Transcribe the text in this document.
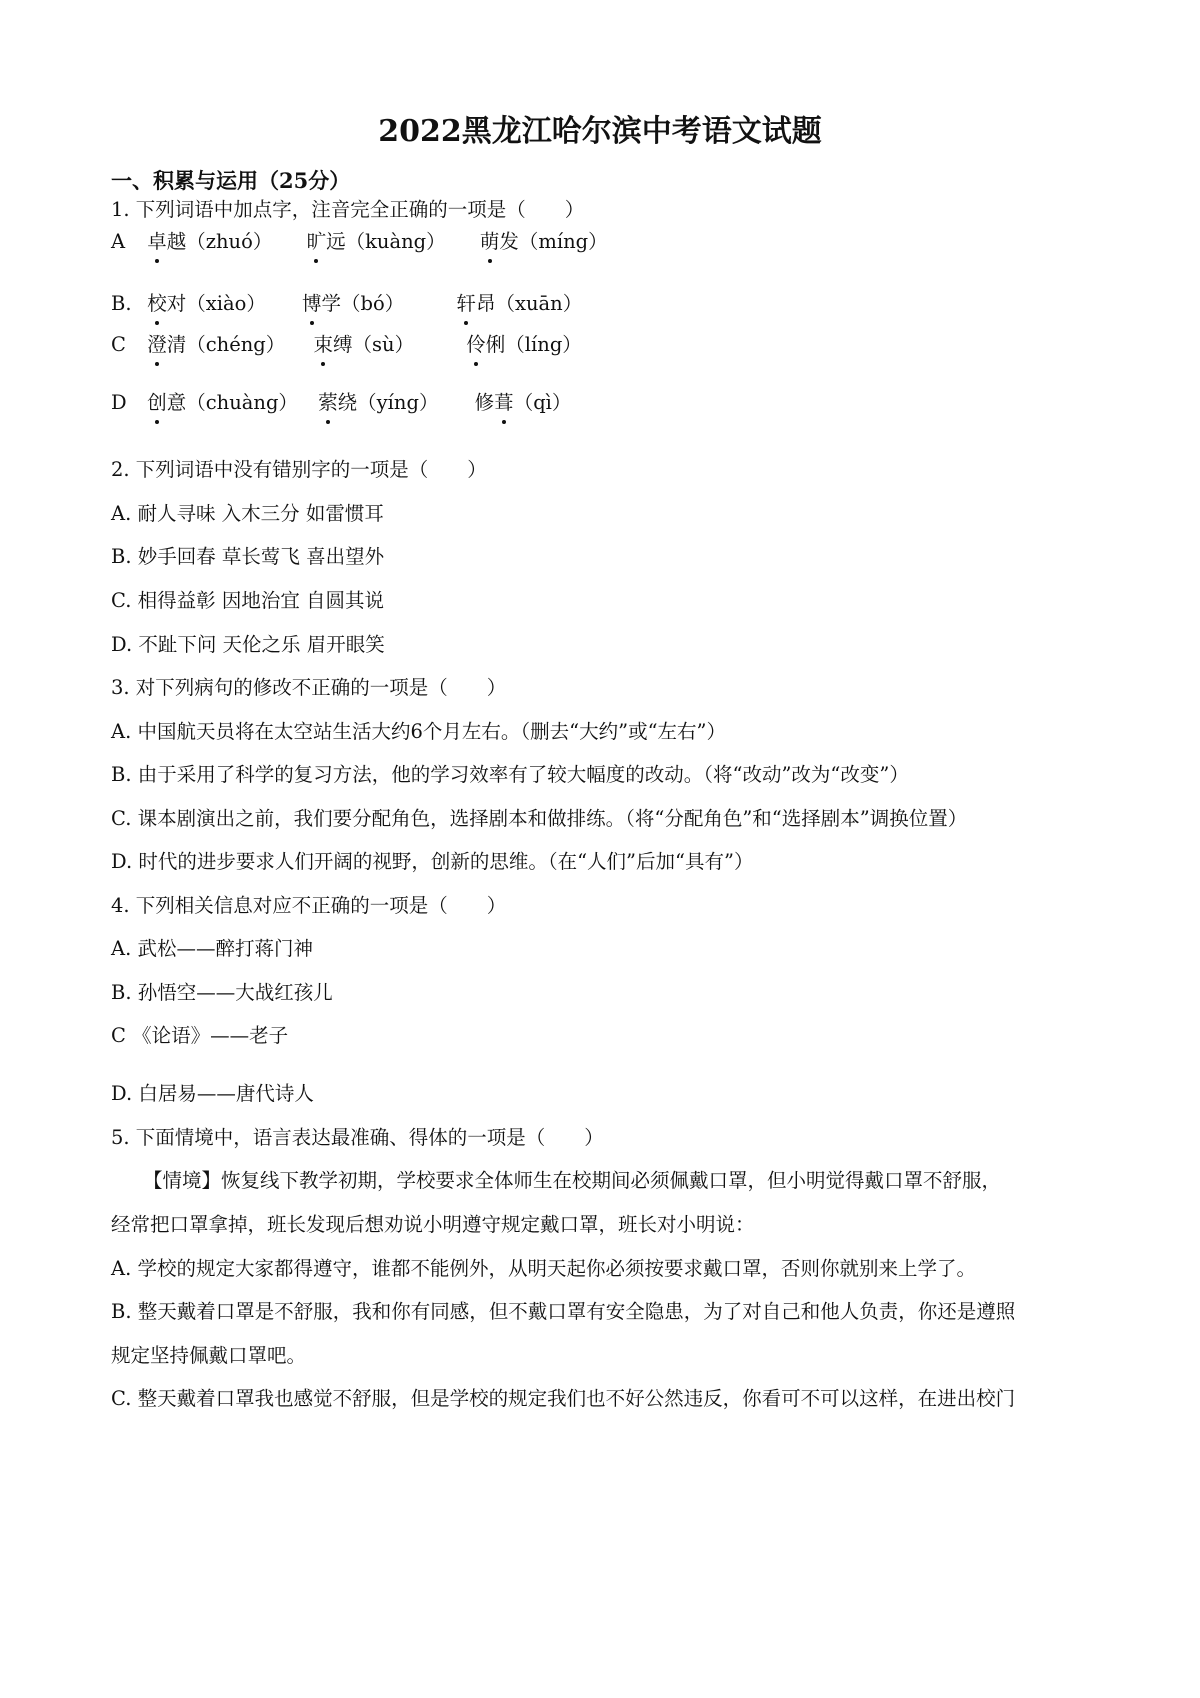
2022黑龙江哈尔滨中考语文试题
一、积累与运用（25分）
1. 下列词语中加点字，注音完全正确的一项是（　　）
A 卓越（zhuó） 旷远（kuàng） 萌发（míng）
B. 校对（xiào） 博学（bó）	轩昂（xuān）
C 澄清（chéng） 束缚（sù）	伶俐（líng）
D 创意（chuàng） 萦绕（yíng） 修葺（qì）
2. 下列词语中没有错别字的一项是（　　）
A. 耐人寻味 入木三分 如雷惯耳
B. 妙手回春 草长莺飞 喜出望外
C. 相得益彰 因地治宜 自圆其说
D. 不趾下问 天伦之乐 眉开眼笑
3. 对下列病句的修改不正确的一项是（　　）
A. 中国航天员将在太空站生活大约6个月左右。（删去“大约”或“左右”）
B. 由于采用了科学的复习方法，他的学习效率有了较大幅度的改动。（将“改动”改为“改变”）
C. 课本剧演出之前，我们要分配角色，选择剧本和做排练。（将“分配角色”和“选择剧本”调换位置）
D. 时代的进步要求人们开阔的视野，创新的思维。（在“人们”后加“具有”）
4. 下列相关信息对应不正确的一项是（　　）
A. 武松——醉打蒋门神
B. 孙悟空——大战红孩儿
C 《论语》——老子
D. 白居易——唐代诗人
5. 下面情境中，语言表达最准确、得体的一项是（　　）
【情境】恢复线下教学初期，学校要求全体师生在校期间必须佩戴口罩，但小明觉得戴口罩不舒服，
经常把口罩拿掉，班长发现后想劝说小明遵守规定戴口罩，班长对小明说：
A. 学校的规定大家都得遵守，谁都不能例外，从明天起你必须按要求戴口罩，否则你就别来上学了。
B. 整天戴着口罩是不舒服，我和你有同感，但不戴口罩有安全隐患，为了对自己和他人负责，你还是遵照
规定坚持佩戴口罩吧。
C. 整天戴着口罩我也感觉不舒服，但是学校的规定我们也不好公然违反，你看可不可以这样，在进出校门
